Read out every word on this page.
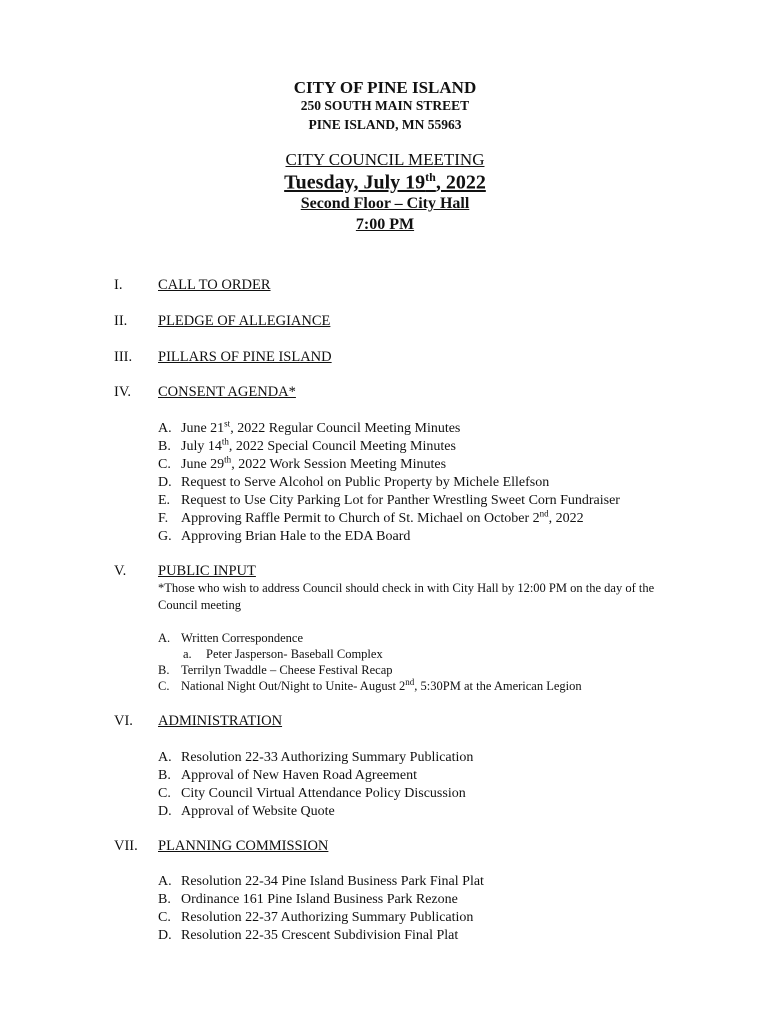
CITY OF PINE ISLAND
250 SOUTH MAIN STREET
PINE ISLAND, MN 55963
CITY COUNCIL MEETING
Tuesday, July 19th, 2022
Second Floor – City Hall
7:00 PM
I.	CALL TO ORDER
II.	PLEDGE OF ALLEGIANCE
III.	PILLARS OF PINE ISLAND
IV.	CONSENT AGENDA*
A. June 21st, 2022 Regular Council Meeting Minutes
B. July 14th, 2022 Special Council Meeting Minutes
C. June 29th, 2022 Work Session Meeting Minutes
D. Request to Serve Alcohol on Public Property by Michele Ellefson
E. Request to Use City Parking Lot for Panther Wrestling Sweet Corn Fundraiser
F. Approving Raffle Permit to Church of St. Michael on October 2nd, 2022
G. Approving Brian Hale to the EDA Board
V.	PUBLIC INPUT
*Those who wish to address Council should check in with City Hall by 12:00 PM on the day of the Council meeting
A. Written Correspondence
a. Peter Jasperson- Baseball Complex
B. Terrilyn Twaddle – Cheese Festival Recap
C. National Night Out/Night to Unite- August 2nd, 5:30PM at the American Legion
VI.	ADMINISTRATION
A. Resolution 22-33 Authorizing Summary Publication
B. Approval of New Haven Road Agreement
C. City Council Virtual Attendance Policy Discussion
D. Approval of Website Quote
VII.	PLANNING COMMISSION
A. Resolution 22-34 Pine Island Business Park Final Plat
B. Ordinance 161 Pine Island Business Park Rezone
C. Resolution 22-37 Authorizing Summary Publication
D. Resolution 22-35 Crescent Subdivision Final Plat
